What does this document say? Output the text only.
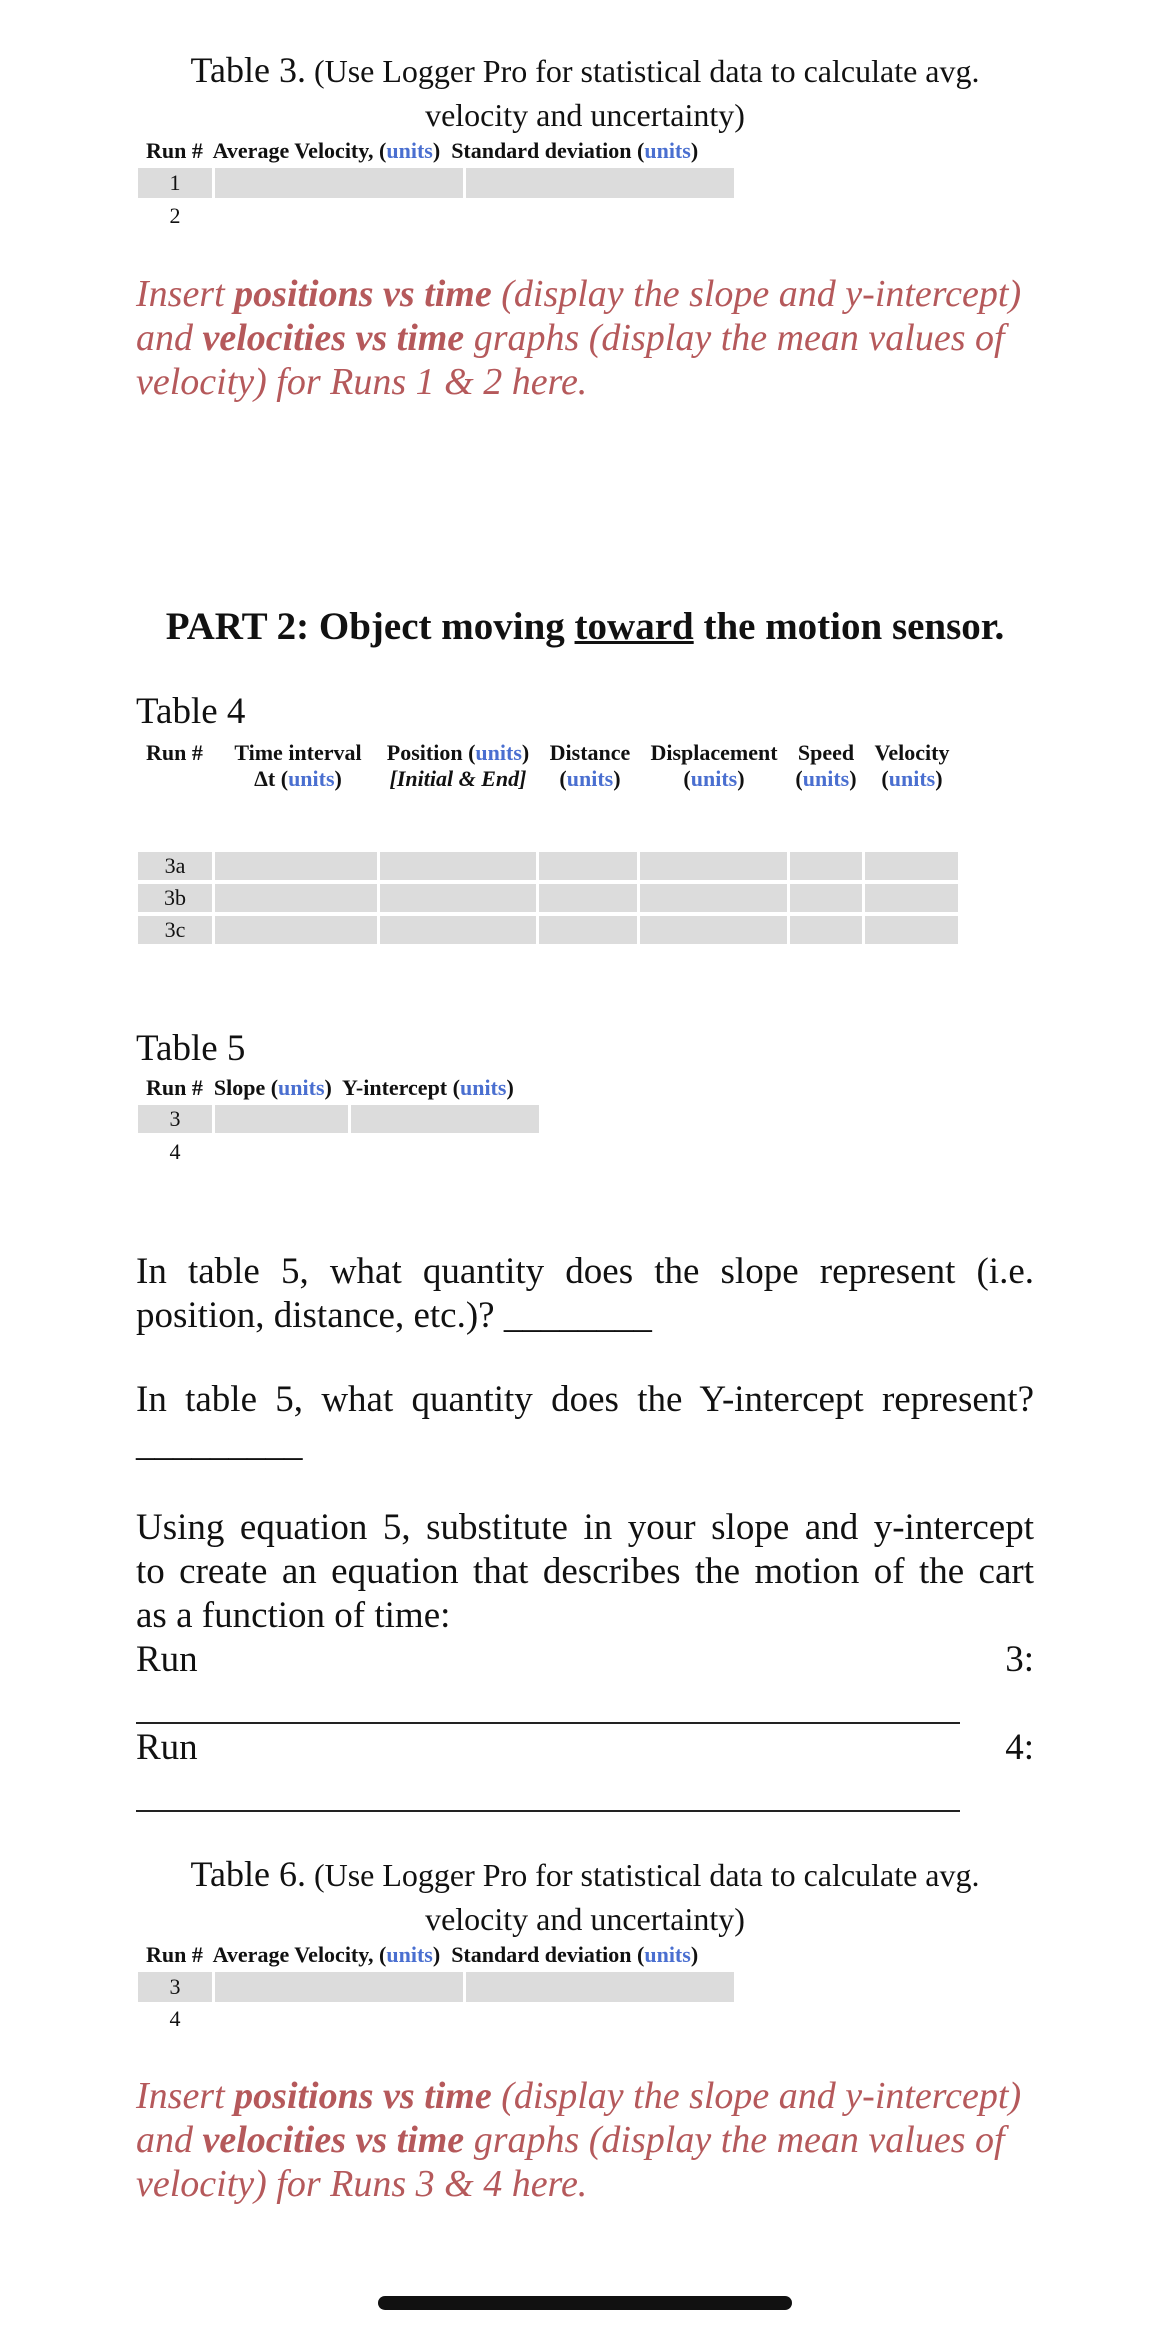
Table 3. (Use Logger Pro for statistical data to calculate avg.
velocity and uncertainty)
Run # Average Velocity, (units) Standard deviation (units)
1
2
Insert positions vs time (display the slope and y-intercept)
and velocities vs time graphs (display the mean values of
velocity) for Runs 1 & 2 here.
PART 2: Object moving toward the motion sensor.
Table 4
Run # Time interval
Δt (units)
Position (units)
[Initial & End]
Distance
(units)
Displacement
(units)
Speed
(units)
Velocity
(units)
3a
3b
3c
Table 5
Run # Slope (units) Y-intercept (units)
3
4
In table 5, what quantity does the slope represent (i.e.
position, distance, etc.)? ________
In table 5, what quantity does the Y-intercept represent?
_________
Using equation 5, substitute in your slope and y-intercept
to create an equation that describes the motion of the cart
as a function of time:
Run	3:
Run	4:
Table 6. (Use Logger Pro for statistical data to calculate avg.
velocity and uncertainty)
Run # Average Velocity, (units) Standard deviation (units)
3
4
Insert positions vs time (display the slope and y-intercept)
and velocities vs time graphs (display the mean values of
velocity) for Runs 3 & 4 here.
